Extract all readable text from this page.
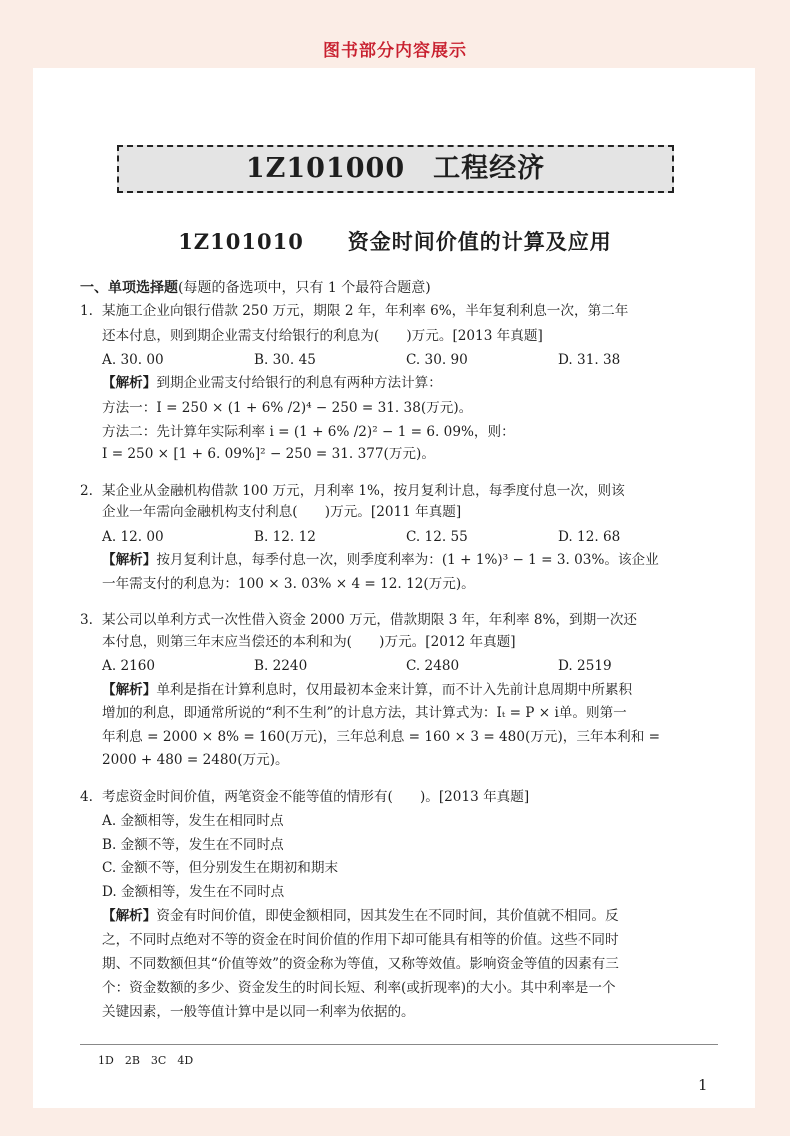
图书部分内容展示
1Z101000　工程经济
1Z101010　　资金时间价值的计算及应用
一、单项选择题(每题的备选项中，只有 1 个最符合题意)
1. 某施工企业向银行借款 250 万元，期限 2 年，年利率 6%，半年复利利息一次，第二年
还本付息，则到期企业需支付给银行的利息为(　　)万元。[2013 年真题]
A. 30. 00	B. 30. 45	C. 30. 90	D. 31. 38
【解析】到期企业需支付给银行的利息有两种方法计算：
方法一：I = 250 × (1 + 6% /2)⁴ − 250 = 31. 38(万元)。
方法二：先计算年实际利率 i = (1 + 6% /2)² − 1 = 6. 09%，则：
I = 250 × [1 + 6. 09%]² − 250 = 31. 377(万元)。
2. 某企业从金融机构借款 100 万元，月利率 1%，按月复利计息，每季度付息一次，则该
企业一年需向金融机构支付利息(　　)万元。[2011 年真题]
A. 12. 00	B. 12. 12	C. 12. 55	D. 12. 68
【解析】按月复利计息，每季付息一次，则季度利率为：(1 + 1%)³ − 1 = 3. 03%。该企业
一年需支付的利息为：100 × 3. 03% × 4 = 12. 12(万元)。
3. 某公司以单利方式一次性借入资金 2000 万元，借款期限 3 年，年利率 8%，到期一次还
本付息，则第三年末应当偿还的本利和为(　　)万元。[2012 年真题]
A. 2160	B. 2240	C. 2480	D. 2519
【解析】单利是指在计算利息时，仅用最初本金来计算，而不计入先前计息周期中所累积
增加的利息，即通常所说的“利不生利”的计息方法，其计算式为：Iₜ = P × i单。则第一
年利息 = 2000 × 8% = 160(万元)，三年总利息 = 160 × 3 = 480(万元)，三年本利和 =
2000 + 480 = 2480(万元)。
4. 考虑资金时间价值，两笔资金不能等值的情形有(　　)。[2013 年真题]
A. 金额相等，发生在相同时点
B. 金额不等，发生在不同时点
C. 金额不等，但分别发生在期初和期末
D. 金额相等，发生在不同时点
【解析】资金有时间价值，即使金额相同，因其发生在不同时间，其价值就不相同。反
之，不同时点绝对不等的资金在时间价值的作用下却可能具有相等的价值。这些不同时
期、不同数额但其“价值等效”的资金称为等值，又称等效值。影响资金等值的因素有三
个：资金数额的多少、资金发生的时间长短、利率(或折现率)的大小。其中利率是一个
关键因素，一般等值计算中是以同一利率为依据的。
1D　2B　3C　4D
1
